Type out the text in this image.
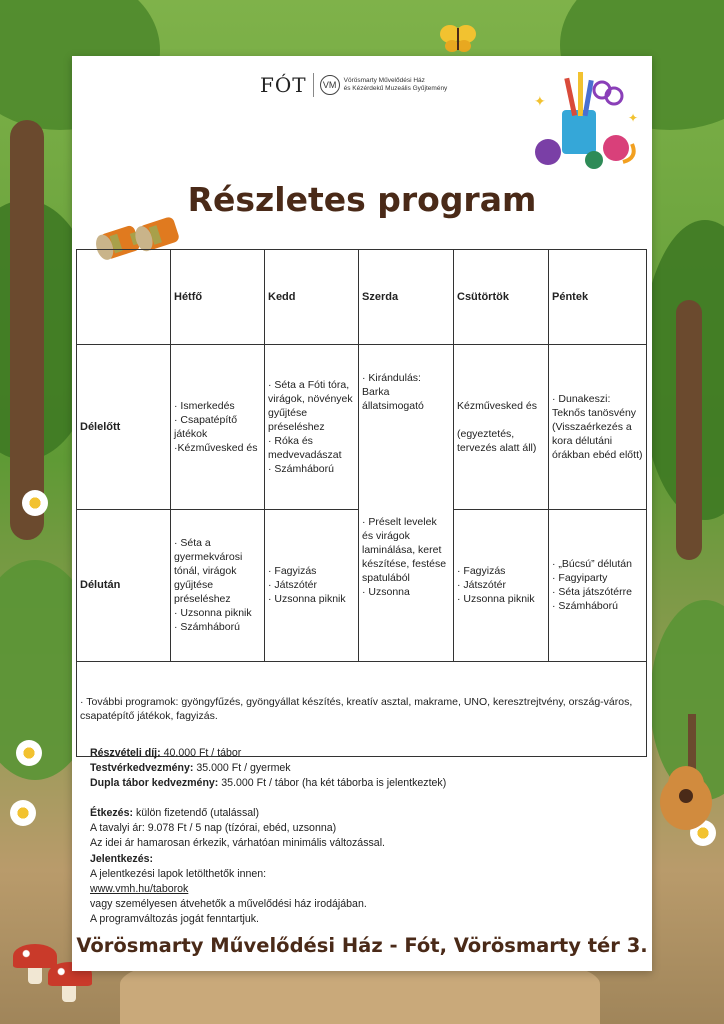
FÓT	VM	Vörösmarty Művelődési Ház
és Kézérdekű Muzeális Gyűjtemény
✦
✦
Részletes program
	Hétfő	Kedd	Szerda	Csütörtök	Péntek
Délelőtt	· Ismerkedés
· Csapatépítő játékok
·Kézművesked és	· Séta a Fóti tóra, virágok, növények gyűjtése préseléshez
· Róka és medvevadászat
· Számháború	· Kirándulás: Barka állatsimogató	Kézművesked és

(egyeztetés, tervezés alatt áll)	· Dunakeszi: Teknős tanösvény (Visszaérkezés a kora délutáni órákban ebéd előtt)
Délután	· Séta a gyermekvárosi tónál, virágok gyűjtése préseléshez
· Uzsonna piknik
· Számháború	· Fagyizás
· Játszótér
· Uzsonna piknik	· Préselt levelek és virágok laminálása, keret készítése, festése spatulából
· Uzsonna	· Fagyizás
· Játszótér
· Uzsonna piknik	· „Búcsú” délután
· Fagyiparty
· Séta játszótérre
· Számháború
· További programok: gyöngyfűzés, gyöngyállat készítés, kreatív asztal, makrame, UNO, keresztrejtvény, ország-város, csapatépítő játékok, fagyizás.					
Részvételi díj: 40.000 Ft / tábor
Testvérkedvezmény: 35.000 Ft / gyermek
Dupla tábor kedvezmény: 35.000 Ft / tábor (ha két táborba is jelentkeztek)
Étkezés: külön fizetendő (utalással)
A tavalyi ár: 9.078 Ft / 5 nap (tízórai, ebéd, uzsonna)
Az idei ár hamarosan érkezik, várhatóan minimális változással.
Jelentkezés:
A jelentkezési lapok letölthetők innen:
www.vmh.hu/taborok
vagy személyesen átvehetők a művelődési ház irodájában.
A programváltozás jogát fenntartjuk.
Vörösmarty Művelődési Ház - Fót, Vörösmarty tér 3.
